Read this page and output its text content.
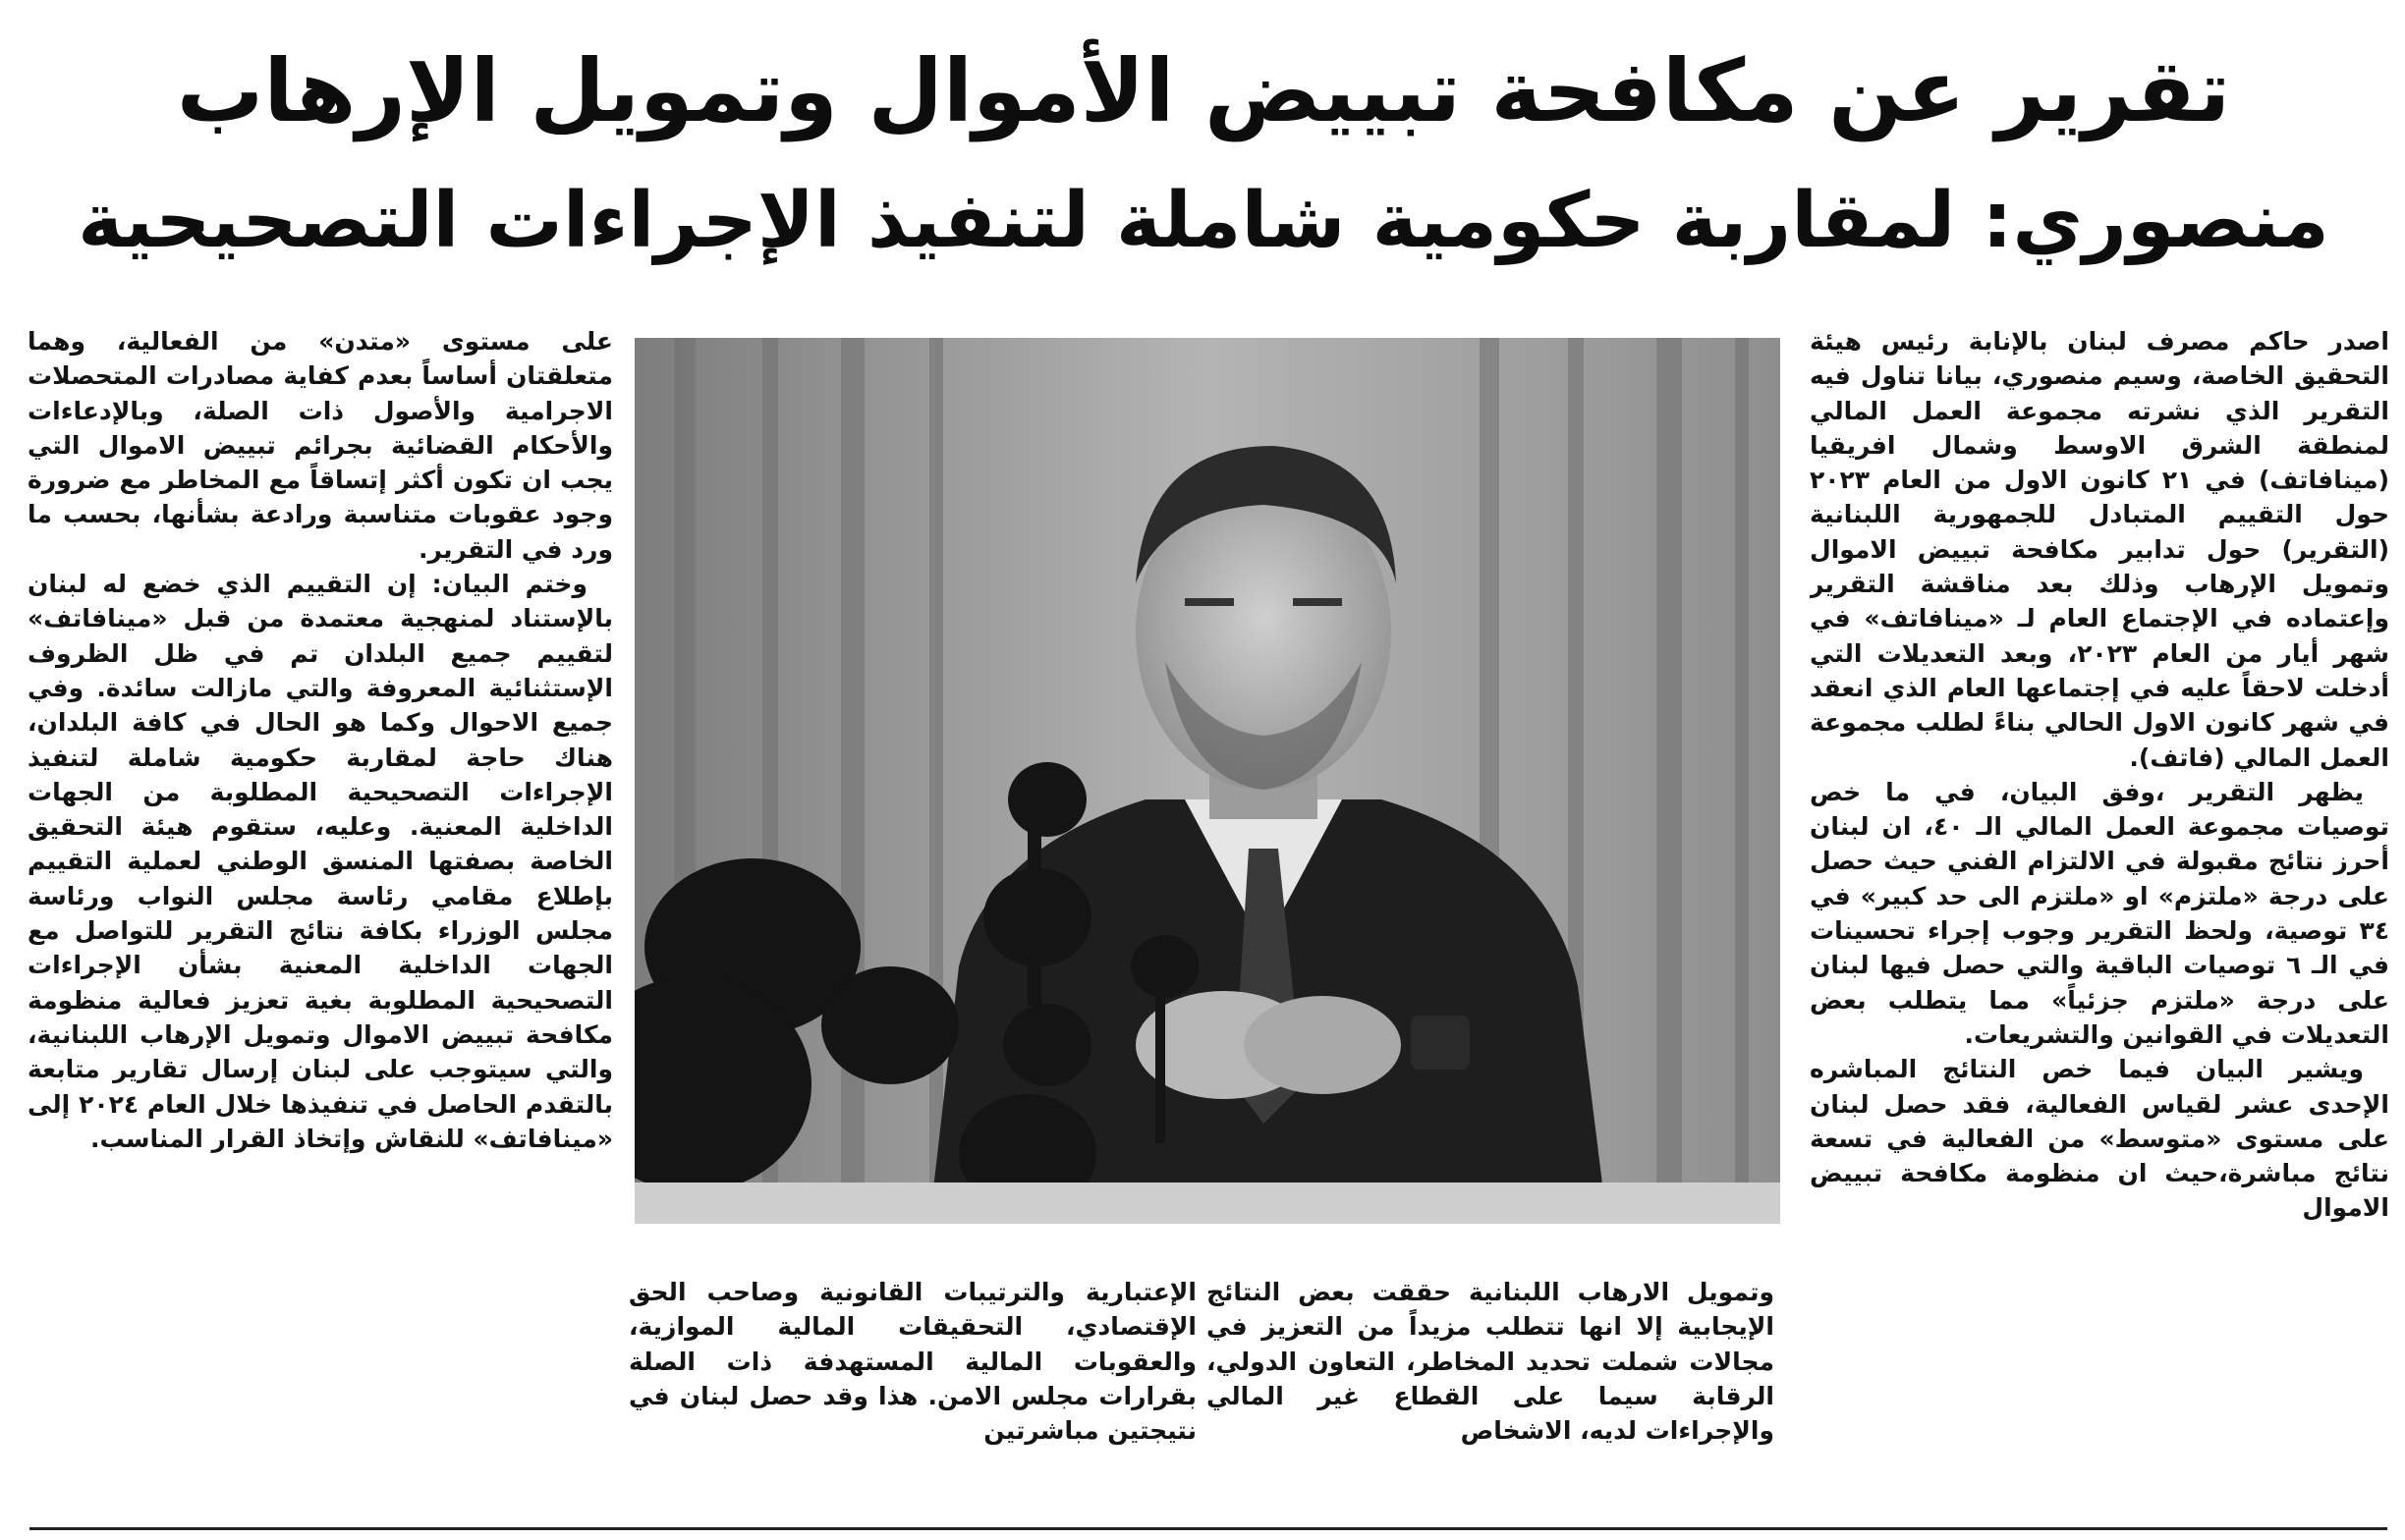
تقرير عن مكافحة تبييض الأموال وتمويل الإرهاب
منصوري: لمقاربة حكومية شاملة لتنفيذ الإجراءات التصحيحية

اصدر حاكم مصرف لبنان بالإنابة رئيس هيئة التحقيق الخاصة، وسيم منصوري، بيانا تناول فيه التقرير الذي نشرته مجموعة العمل المالي لمنطقة الشرق الاوسط وشمال افريقيا (مينافاتف) في ٢١ كانون الاول من العام ٢٠٢٣ حول التقييم المتبادل للجمهورية اللبنانية (التقرير) حول تدابير مكافحة تبييض الاموال وتمويل الإرهاب وذلك بعد مناقشة التقرير وإعتماده في الإجتماع العام لـ «مينافاتف» في شهر أيار من العام ٢٠٢٣، وبعد التعديلات التي أدخلت لاحقاً عليه في إجتماعها العام الذي انعقد في شهر كانون الاول الحالي بناءً لطلب مجموعة العمل المالي (فاتف).

يظهر التقرير ،وفق البيان، في ما خص توصيات مجموعة العمل المالي الـ ٤٠، ان لبنان أحرز نتائج مقبولة في الالتزام الفني حيث حصل على درجة «ملتزم» او «ملتزم الى حد كبير» في ٣٤ توصية، ولحظ التقرير وجوب إجراء تحسينات في الـ ٦ توصيات الباقية والتي حصل فيها لبنان على درجة «ملتزم جزئياً» مما يتطلب بعض التعديلات في القوانين والتشريعات.

ويشير البيان فيما خص النتائج المباشره الإحدى عشر لقياس الفعالية، فقد حصل لبنان على مستوى «متوسط» من الفعالية في تسعة نتائج مباشرة،حيث ان منظومة مكافحة تبييض الاموال

وتمويل الارهاب اللبنانية حققت بعض النتائج الإيجابية إلا انها تتطلب مزيداً من التعزيز في مجالات شملت تحديد المخاطر، التعاون الدولي، الرقابة سيما على القطاع غير المالي والإجراءات لديه، الاشخاص

الإعتبارية والترتيبات القانونية وصاحب الحق الإقتصادي، التحقيقات المالية الموازية، والعقوبات المالية المستهدفة ذات الصلة بقرارات مجلس الامن. هذا وقد حصل لبنان في نتيجتين مباشرتين

على مستوى «متدن» من الفعالية، وهما متعلقتان أساساً بعدم كفاية مصادرات المتحصلات الاجرامية والأصول ذات الصلة، وبالإدعاءات والأحكام القضائية بجرائم تبييض الاموال التي يجب ان تكون أكثر إتساقاً مع المخاطر مع ضرورة وجود عقوبات متناسبة ورادعة بشأنها، بحسب ما ورد في التقرير.

وختم البيان: إن التقييم الذي خضع له لبنان بالإستناد لمنهجية معتمدة من قبل «مينافاتف» لتقييم جميع البلدان تم في ظل الظروف الإستثنائية المعروفة والتي مازالت سائدة. وفي جميع الاحوال وكما هو الحال في كافة البلدان، هناك حاجة لمقاربة حكومية شاملة لتنفيذ الإجراءات التصحيحية المطلوبة من الجهات الداخلية المعنية. وعليه، ستقوم هيئة التحقيق الخاصة بصفتها المنسق الوطني لعملية التقييم بإطلاع مقامي رئاسة مجلس النواب ورئاسة مجلس الوزراء بكافة نتائج التقرير للتواصل مع الجهات الداخلية المعنية بشأن الإجراءات التصحيحية المطلوبة بغية تعزيز فعالية منظومة مكافحة تبييض الاموال وتمويل الإرهاب اللبنانية، والتي سيتوجب على لبنان إرسال تقارير متابعة بالتقدم الحاصل في تنفيذها خلال العام ٢٠٢٤ إلى «مينافاتف» للنقاش وإتخاذ القرار المناسب.
